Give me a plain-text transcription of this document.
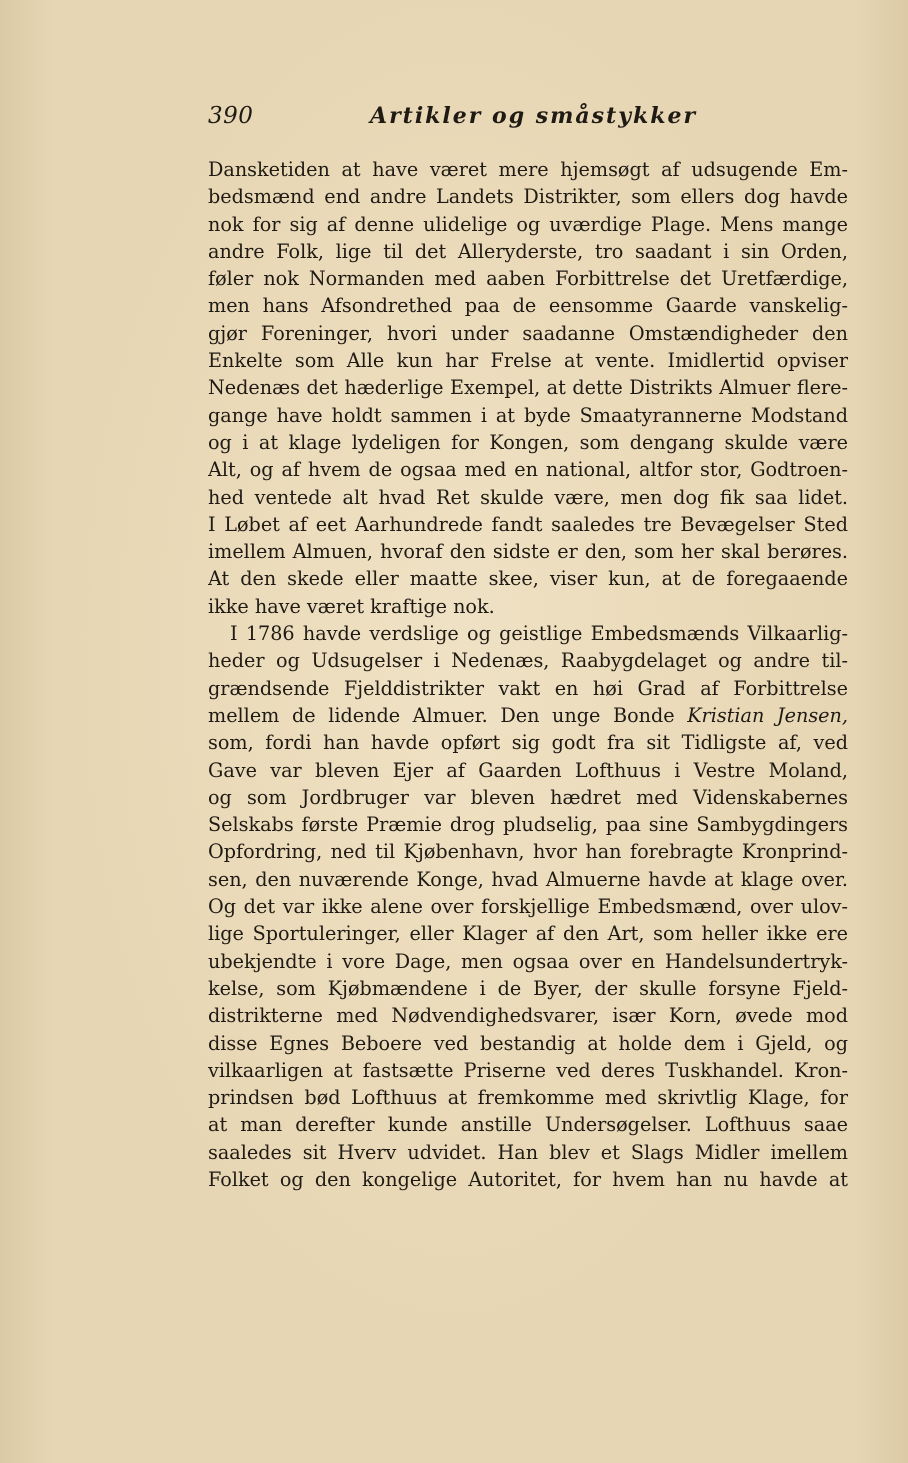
390	Artikler og småstykker
Dansketiden at have været mere hjemsøgt af udsugende Em-
bedsmænd end andre Landets Distrikter, som ellers dog havde
nok for sig af denne ulidelige og uværdige Plage. Mens mange
andre Folk, lige til det Alleryderste, tro saadant i sin Orden,
føler nok Normanden med aaben Forbittrelse det Uretfærdige,
men hans Afsondrethed paa de eensomme Gaarde vanskelig-
gjør Foreninger, hvori under saadanne Omstændigheder den
Enkelte som Alle kun har Frelse at vente. Imidlertid opviser
Nedenæs det hæderlige Exempel, at dette Distrikts Almuer flere-
gange have holdt sammen i at byde Smaatyrannerne Modstand
og i at klage lydeligen for Kongen, som dengang skulde være
Alt, og af hvem de ogsaa med en national, altfor stor, Godtroen-
hed ventede alt hvad Ret skulde være, men dog fik saa lidet.
I Løbet af eet Aarhundrede fandt saaledes tre Bevægelser Sted
imellem Almuen, hvoraf den sidste er den, som her skal berøres.
At den skede eller maatte skee, viser kun, at de foregaaende
ikke have været kraftige nok.
I 1786 havde verdslige og geistlige Embedsmænds Vilkaarlig-
heder og Udsugelser i Nedenæs, Raabygdelaget og andre til-
grændsende Fjelddistrikter vakt en høi Grad af Forbittrelse
mellem de lidende Almuer. Den unge Bonde Kristian Jensen,
som, fordi han havde opført sig godt fra sit Tidligste af, ved
Gave var bleven Ejer af Gaarden Lofthuus i Vestre Moland,
og som Jordbruger var bleven hædret med Videnskabernes
Selskabs første Præmie drog pludselig, paa sine Sambygdingers
Opfordring, ned til Kjøbenhavn, hvor han forebragte Kronprind-
sen, den nuværende Konge, hvad Almuerne havde at klage over.
Og det var ikke alene over forskjellige Embedsmænd, over ulov-
lige Sportuleringer, eller Klager af den Art, som heller ikke ere
ubekjendte i vore Dage, men ogsaa over en Handelsundertryk-
kelse, som Kjøbmændene i de Byer, der skulle forsyne Fjeld-
distrikterne med Nødvendighedsvarer, især Korn, øvede mod
disse Egnes Beboere ved bestandig at holde dem i Gjeld, og
vilkaarligen at fastsætte Priserne ved deres Tuskhandel. Kron-
prindsen bød Lofthuus at fremkomme med skrivtlig Klage, for
at man derefter kunde anstille Undersøgelser. Lofthuus saae
saaledes sit Hverv udvidet. Han blev et Slags Midler imellem
Folket og den kongelige Autoritet, for hvem han nu havde at
